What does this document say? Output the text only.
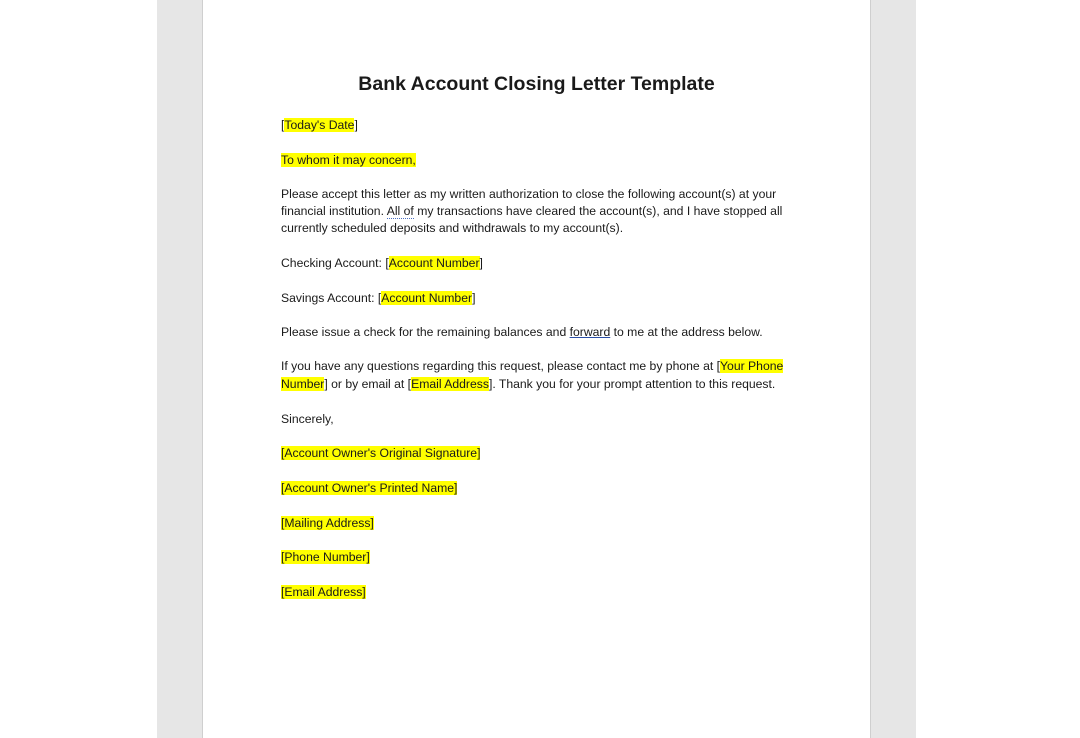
Bank Account Closing Letter Template
[Today's Date]
To whom it may concern,
Please accept this letter as my written authorization to close the following account(s) at your
financial institution. All of my transactions have cleared the account(s), and I have stopped all
currently scheduled deposits and withdrawals to my account(s).
Checking Account: [Account Number]
Savings Account: [Account Number]
Please issue a check for the remaining balances and forward to me at the address below.
If you have any questions regarding this request, please contact me by phone at [Your Phone
Number] or by email at [Email Address]. Thank you for your prompt attention to this request.
Sincerely,
[Account Owner's Original Signature]
[Account Owner's Printed Name]
[Mailing Address]
[Phone Number]
[Email Address]
